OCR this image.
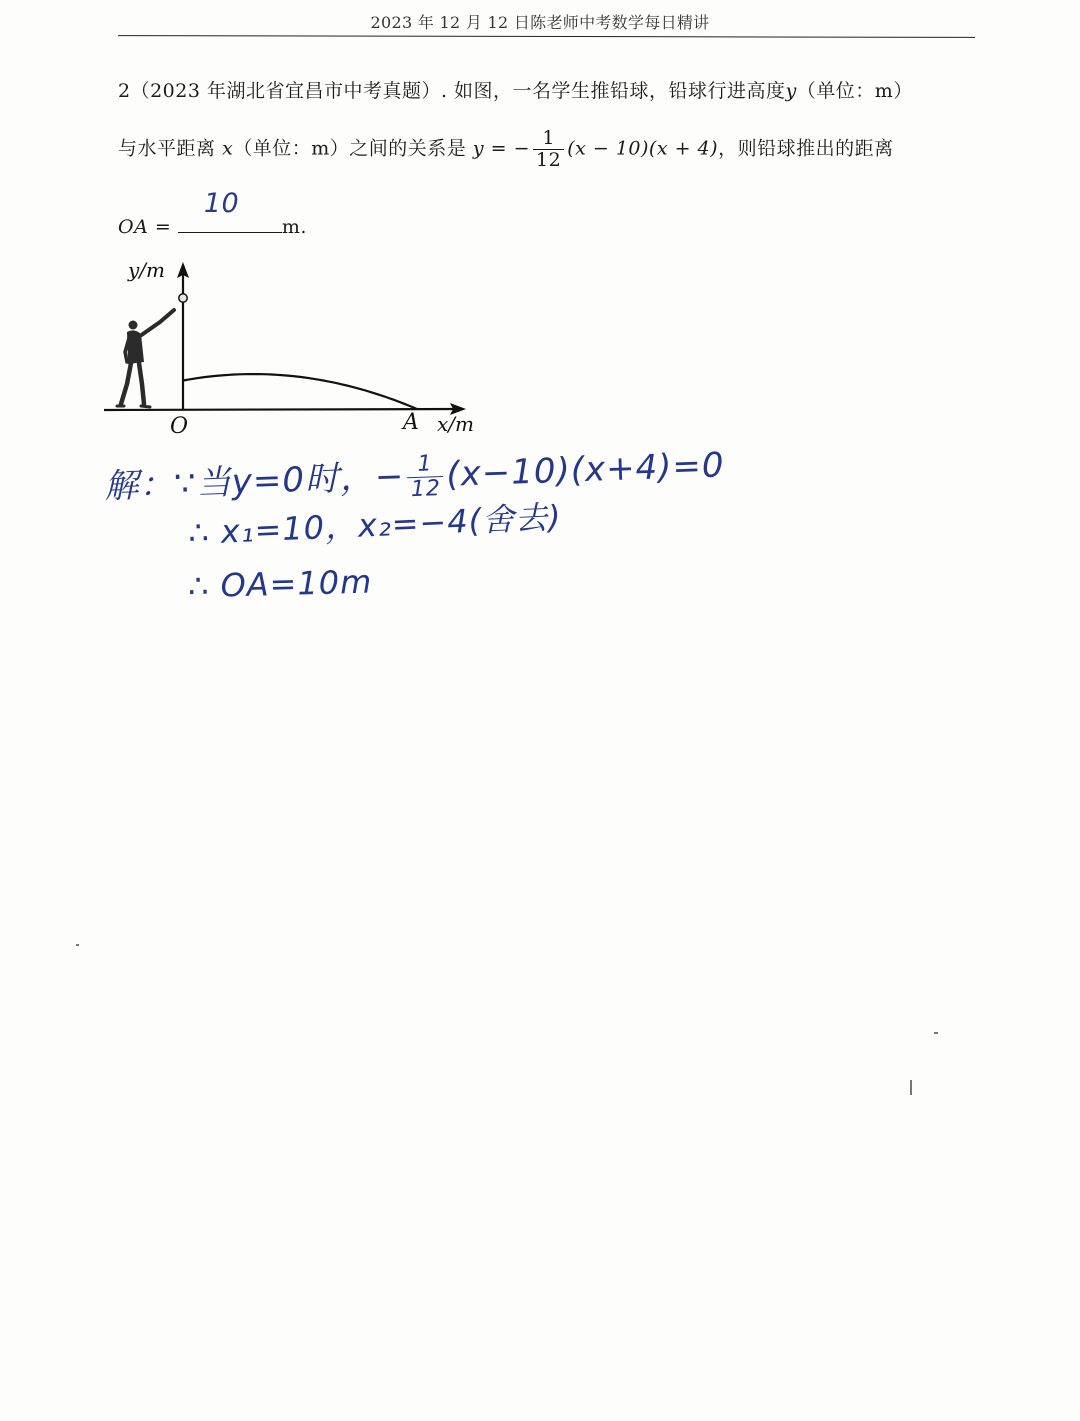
2023 年 12 月 12 日陈老师中考数学每日精讲
2（2023 年湖北省宜昌市中考真题）. 如图，一名学生推铅球，铅球行进高度y（单位：m）
与水平距离 x（单位：m）之间的关系是 y = − $\frac{1}{12} (x - 10)(x + 4)$，则铅球推出的距离
OA =
10
m.
y/m
x/m
O	A
解：∵当y=0时，− $\frac{1}{12} (x-10)(x+4)=0$
∴ x₁=10，x₂=−4(舍去)
∴ OA=10m
